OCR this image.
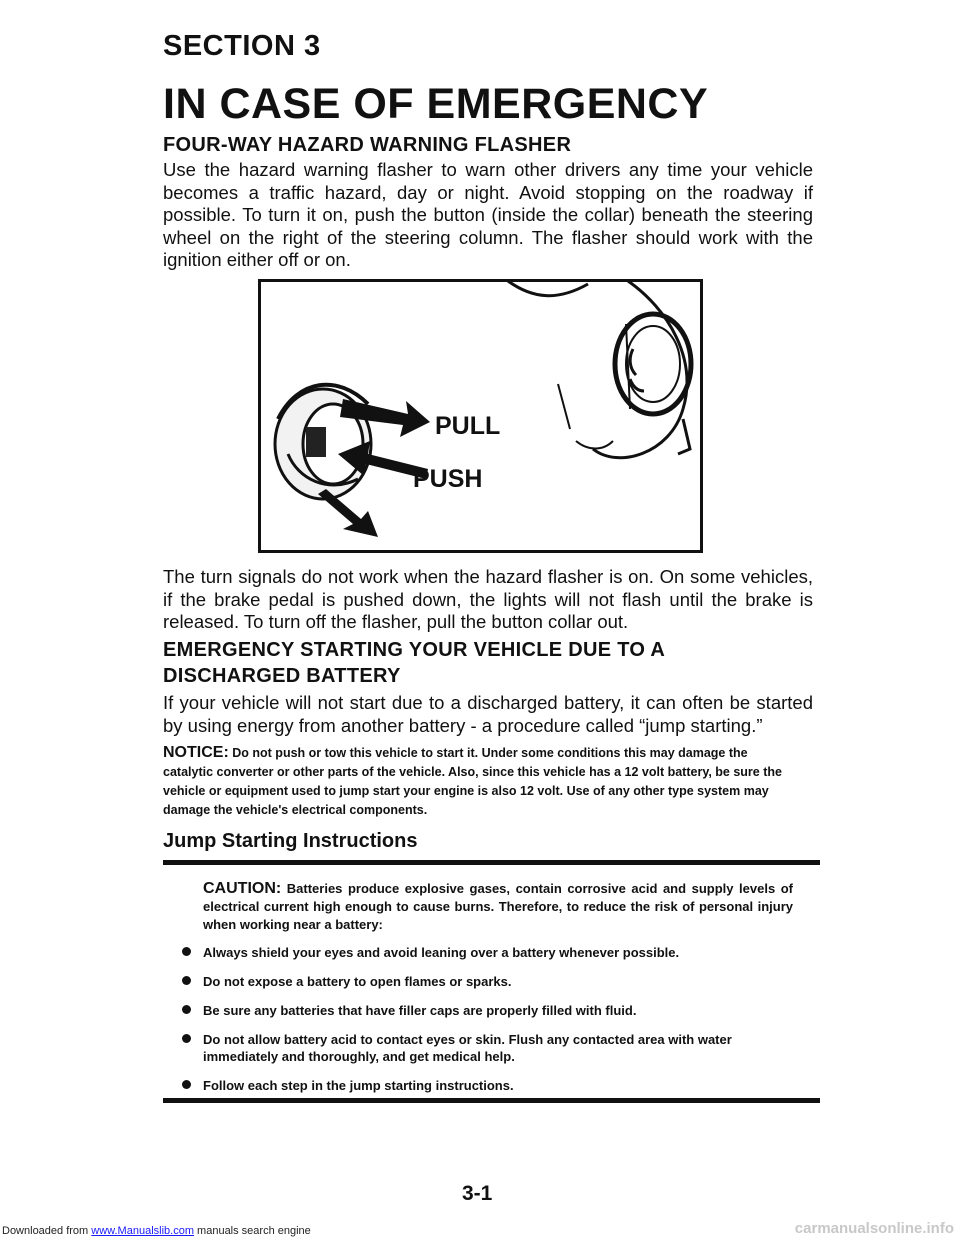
SECTION 3
IN CASE OF EMERGENCY
FOUR-WAY HAZARD WARNING FLASHER
Use the hazard warning flasher to warn other drivers any time your vehicle becomes a traffic hazard, day or night. Avoid stopping on the roadway if possible. To turn it on, push the button (inside the collar) beneath the steering wheel on the right of the steering column. The flasher should work with the ignition either off or on.
PULL
PUSH
The turn signals do not work when the hazard flasher is on. On some vehicles, if the brake pedal is pushed down, the lights will not flash until the brake is released. To turn off the flasher, pull the button collar out.
EMERGENCY STARTING YOUR VEHICLE DUE TO A
DISCHARGED BATTERY
If your vehicle will not start due to a discharged battery, it can often be started by using energy from another battery - a procedure called “jump starting.”
NOTICE: Do not push or tow this vehicle to start it. Under some conditions this may damage the catalytic converter or other parts of the vehicle. Also, since this vehicle has a 12 volt battery, be sure the vehicle or equipment used to jump start your engine is also 12 volt. Use of any other type system may damage the vehicle's electrical components.
Jump Starting Instructions
CAUTION: Batteries produce explosive gases, contain corrosive acid and supply levels of electrical current high enough to cause burns. Therefore, to reduce the risk of personal injury when working near a battery:
Always shield your eyes and avoid leaning over a battery whenever possible.
Do not expose a battery to open flames or sparks.
Be sure any batteries that have filler caps are properly filled with fluid.
Do not allow battery acid to contact eyes or skin. Flush any contacted area with water immediately and thoroughly, and get medical help.
Follow each step in the jump starting instructions.
3-1
Downloaded from www.Manualslib.com manuals search engine	carmanualsonline.info
